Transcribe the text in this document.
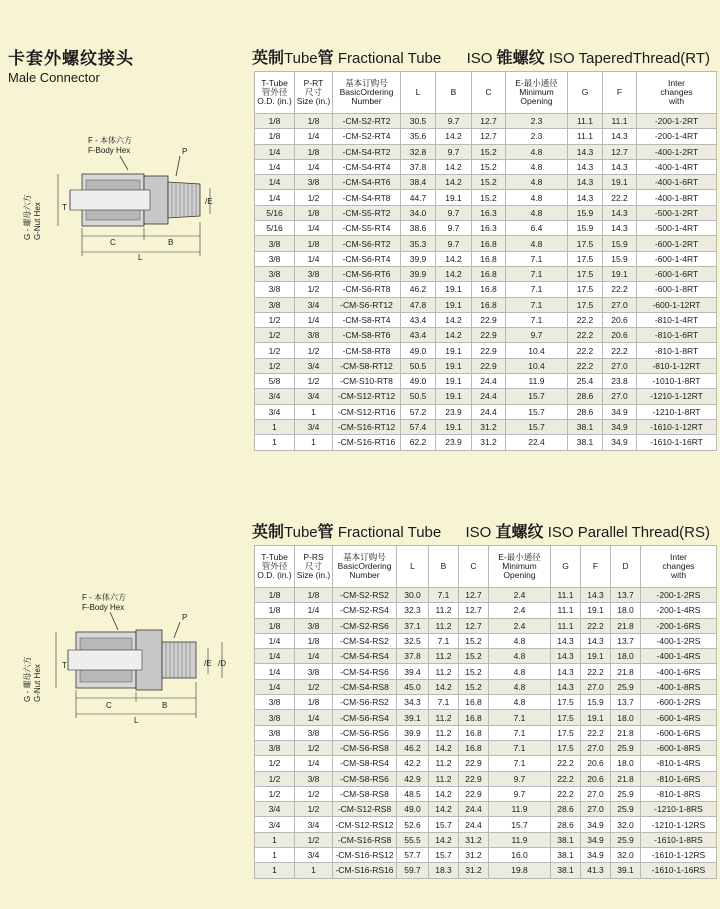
卡套外螺纹接头
Male Connector
英制Tube管 Fractional Tube ISO 锥螺纹 ISO TaperedThread(RT)
T-Tube
管外径
O.D. (in.)	P-RT
尺寸
Size (in.)	基本订购号
BasicOrdering
Number	L	B	C	E-最小通径
Minimum
Opening	G	F	Inter
changes
with
1/8	1/8	-CM-S2-RT2	30.5	9.7	12.7	2.3	11.1	11.1	-200-1-2RT
1/8	1/4	-CM-S2-RT4	35.6	14.2	12.7	2.3	11.1	14.3	-200-1-4RT
1/4	1/8	-CM-S4-RT2	32.8	9.7	15.2	4.8	14.3	12.7	-400-1-2RT
1/4	1/4	-CM-S4-RT4	37.8	14.2	15.2	4.8	14.3	14.3	-400-1-4RT
1/4	3/8	-CM-S4-RT6	38.4	14.2	15.2	4.8	14.3	19.1	-400-1-6RT
1/4	1/2	-CM-S4-RT8	44.7	19.1	15.2	4.8	14.3	22.2	-400-1-8RT
5/16	1/8	-CM-S5-RT2	34.0	9.7	16.3	4.8	15.9	14.3	-500-1-2RT
5/16	1/4	-CM-S5-RT4	38.6	9.7	16.3	6.4	15.9	14.3	-500-1-4RT
3/8	1/8	-CM-S6-RT2	35.3	9.7	16.8	4.8	17.5	15.9	-600-1-2RT
3/8	1/4	-CM-S6-RT4	39.9	14.2	16.8	7.1	17.5	15.9	-600-1-4RT
3/8	3/8	-CM-S6-RT6	39.9	14.2	16.8	7.1	17.5	19.1	-600-1-6RT
3/8	1/2	-CM-S6-RT8	46.2	19.1	16.8	7.1	17.5	22.2	-600-1-8RT
3/8	3/4	-CM-S6-RT12	47.8	19.1	16.8	7.1	17.5	27.0	-600-1-12RT
1/2	1/4	-CM-S8-RT4	43.4	14.2	22.9	7.1	22.2	20.6	-810-1-4RT
1/2	3/8	-CM-S8-RT6	43.4	14.2	22.9	9.7	22.2	20.6	-810-1-6RT
1/2	1/2	-CM-S8-RT8	49.0	19.1	22.9	10.4	22.2	22.2	-810-1-8RT
1/2	3/4	-CM-S8-RT12	50.5	19.1	22.9	10.4	22.2	27.0	-810-1-12RT
5/8	1/2	-CM-S10-RT8	49.0	19.1	24.4	11.9	25.4	23.8	-1010-1-8RT
3/4	3/4	-CM-S12-RT12	50.5	19.1	24.4	15.7	28.6	27.0	-1210-1-12RT
3/4	1	-CM-S12-RT16	57.2	23.9	24.4	15.7	28.6	34.9	-1210-1-8RT
1	3/4	-CM-S16-RT12	57.4	19.1	31.2	15.7	38.1	34.9	-1610-1-12RT
1	1	-CM-S16-RT16	62.2	23.9	31.2	22.4	38.1	34.9	-1610-1-16RT
英制Tube管 Fractional Tube ISO 直螺纹 ISO Parallel Thread(RS)
T-Tube
管外径
O.D. (in.)	P-RS
尺寸
Size (in.)	基本订购号
BasicOrdering
Number	L	B	C	E-最小通径
Minimum
Opening	G	F	D	Inter
changes
with
1/8	1/8	-CM-S2-RS2	30.0	7.1	12.7	2.4	11.1	14.3	13.7	-200-1-2RS
1/8	1/4	-CM-S2-RS4	32.3	11.2	12.7	2.4	11.1	19.1	18.0	-200-1-4RS
1/8	3/8	-CM-S2-RS6	37.1	11.2	12.7	2.4	11.1	22.2	21.8	-200-1-6RS
1/4	1/8	-CM-S4-RS2	32.5	7.1	15.2	4.8	14.3	14.3	13.7	-400-1-2RS
1/4	1/4	-CM-S4-RS4	37.8	11.2	15.2	4.8	14.3	19.1	18.0	-400-1-4RS
1/4	3/8	-CM-S4-RS6	39.4	11.2	15.2	4.8	14.3	22.2	21.8	-400-1-6RS
1/4	1/2	-CM-S4-RS8	45.0	14.2	15.2	4.8	14.3	27.0	25.9	-400-1-8RS
3/8	1/8	-CM-S6-RS2	34.3	7.1	16.8	4.8	17.5	15.9	13.7	-600-1-2RS
3/8	1/4	-CM-S6-RS4	39.1	11.2	16.8	7.1	17.5	19.1	18.0	-600-1-4RS
3/8	3/8	-CM-S6-RS6	39.9	11.2	16.8	7.1	17.5	22.2	21.8	-600-1-6RS
3/8	1/2	-CM-S6-RS8	46.2	14.2	16.8	7.1	17.5	27.0	25.9	-600-1-8RS
1/2	1/4	-CM-S8-RS4	42.2	11.2	22.9	7.1	22.2	20.6	18.0	-810-1-4RS
1/2	3/8	-CM-S8-RS6	42.9	11.2	22.9	9.7	22.2	20.6	21.8	-810-1-6RS
1/2	1/2	-CM-S8-RS8	48.5	14.2	22.9	9.7	22.2	27.0	25.9	-810-1-8RS
3/4	1/2	-CM-S12-RS8	49.0	14.2	24.4	11.9	28.6	27.0	25.9	-1210-1-8RS
3/4	3/4	-CM-S12-RS12	52.6	15.7	24.4	15.7	28.6	34.9	32.0	-1210-1-12RS
1	1/2	-CM-S16-RS8	55.5	14.2	31.2	11.9	38.1	34.9	25.9	-1610-1-8RS
1	3/4	-CM-S16-RS12	57.7	15.7	31.2	16.0	38.1	34.9	32.0	-1610-1-12RS
1	1	-CM-S16-RS16	59.7	18.3	31.2	19.8	38.1	41.3	39.1	-1610-1-16RS
F - 本体六方
F-Body Hex	P
G - 螺母六方 G-Nut Hex	T
/E
C	B
L
F - 本体六方
F-Body Hex
P
G - 螺母六方 G-Nut Hex	T	/E /D
C	B
L
